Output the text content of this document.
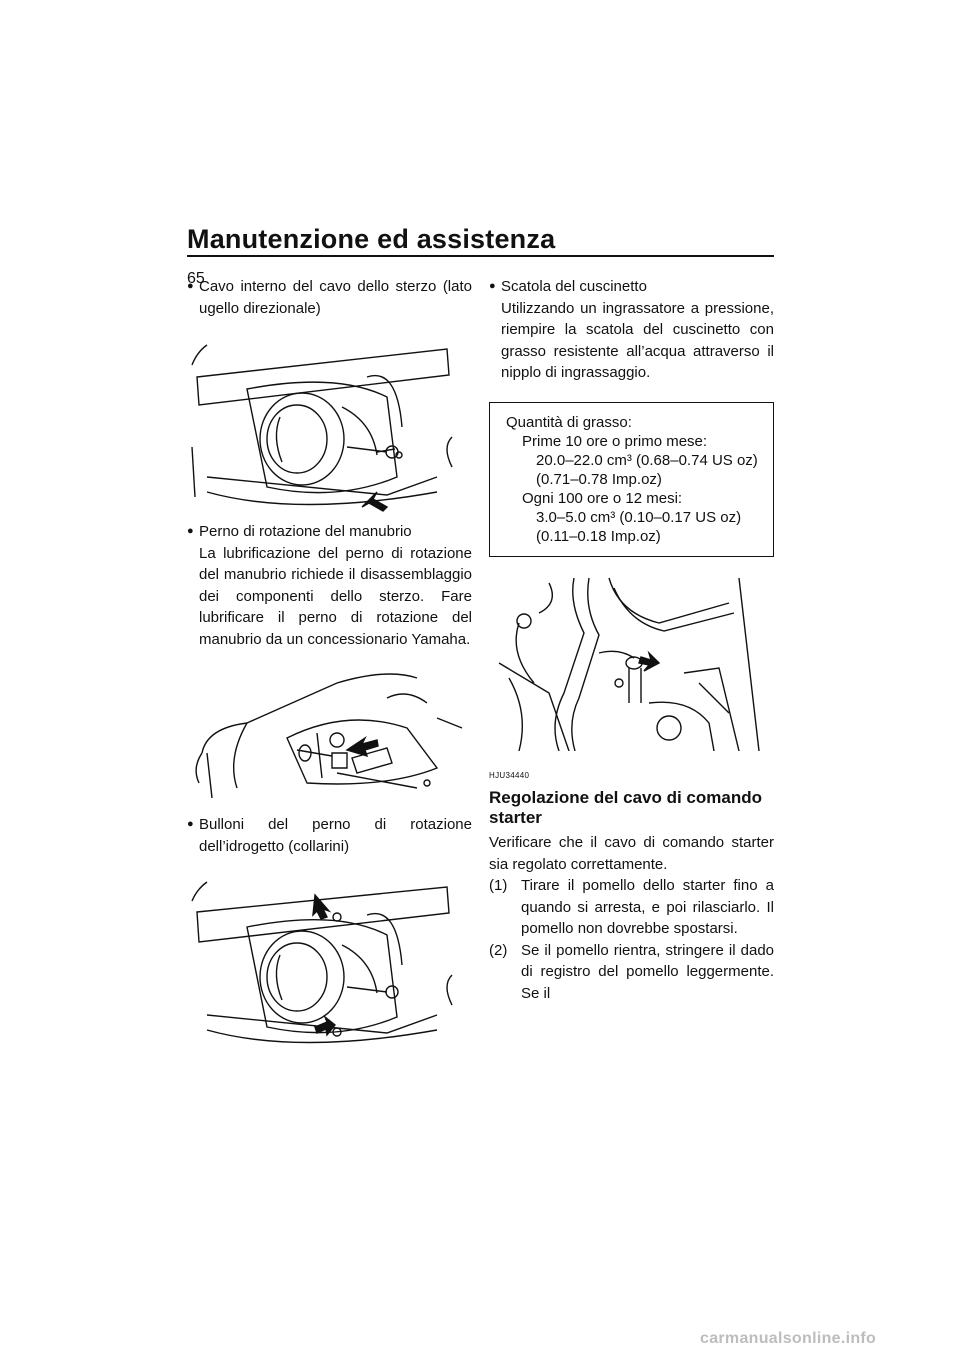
Manutenzione ed assistenza
65
● Cavo interno del cavo dello sterzo (lato ugello direzionale)
● Perno di rotazione del manubrio
La lubrificazione del perno di rotazione del manubrio richiede il disassemblaggio dei componenti dello sterzo. Fare lubrificare il perno di rotazione del manubrio da un concessionario Yamaha.
● Bulloni del perno di rotazione dell’idrogetto (collarini)
● Scatola del cuscinetto
Utilizzando un ingrassatore a pressione, riempire la scatola del cuscinetto con grasso resistente all’acqua attraverso il nipplo di ingrassaggio.
Quantità di grasso:
Prime 10 ore o primo mese:
20.0–22.0 cm³ (0.68–0.74 US oz)
(0.71–0.78 Imp.oz)
Ogni 100 ore o 12 mesi:
3.0–5.0 cm³ (0.10–0.17 US oz)
(0.11–0.18 Imp.oz)
HJU34440
Regolazione del cavo di comando starter

Verificare che il cavo di comando starter sia regolato correttamente.

(1) Tirare il pomello dello starter fino a quando si arresta, e poi rilasciarlo. Il pomello non dovrebbe spostarsi.
(2) Se il pomello rientra, stringere il dado di registro del pomello leggermente. Se il
carmanualsonline.info
